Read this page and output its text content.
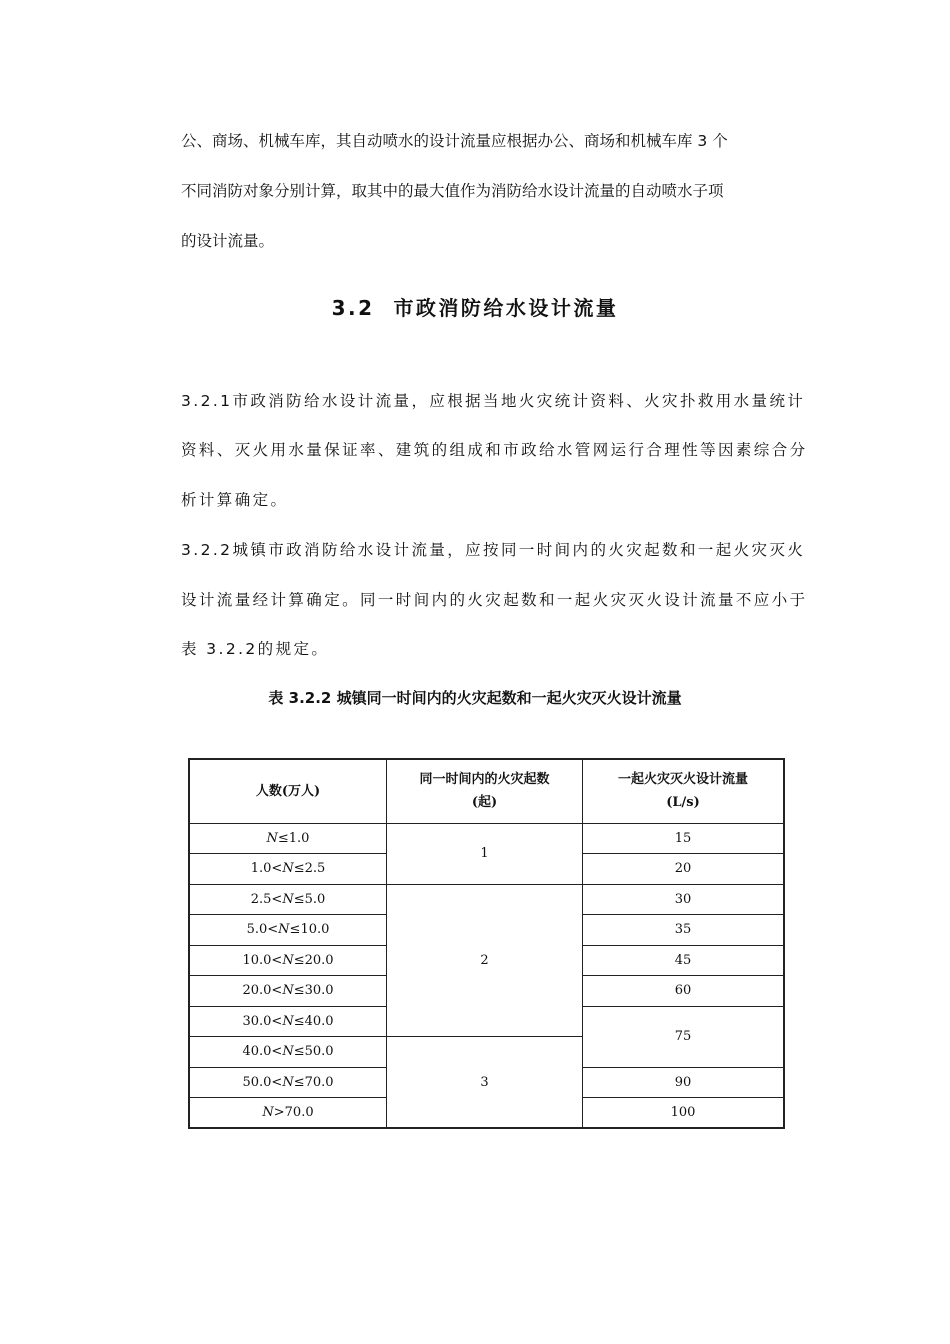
公、商场、机械车库，其自动喷水的设计流量应根据办公、商场和机械车库 3 个
不同消防对象分别计算，取其中的最大值作为消防给水设计流量的自动喷水子项
的设计流量。
3.2 市政消防给水设计流量
3.2.1市政消防给水设计流量，应根据当地火灾统计资料、火灾扑救用水量统计
资料、灭火用水量保证率、建筑的组成和市政给水管网运行合理性等因素综合分
析计算确定。
3.2.2城镇市政消防给水设计流量，应按同一时间内的火灾起数和一起火灾灭火
设计流量经计算确定。同一时间内的火灾起数和一起火灾灭火设计流量不应小于
表 3.2.2的规定。
表 3.2.2 城镇同一时间内的火灾起数和一起火灾灭火设计流量
人数(万人)	同一时间内的火灾起数
(起)	一起火灾灭火设计流量
(L/s)
N≤1.0	1	15
1.0<N≤2.5		20
2.5<N≤5.0	2	30
5.0<N≤10.0		35
10.0<N≤20.0		45
20.0<N≤30.0		60
30.0<N≤40.0		75
40.0<N≤50.0	3	
50.0<N≤70.0		90
N>70.0		100
